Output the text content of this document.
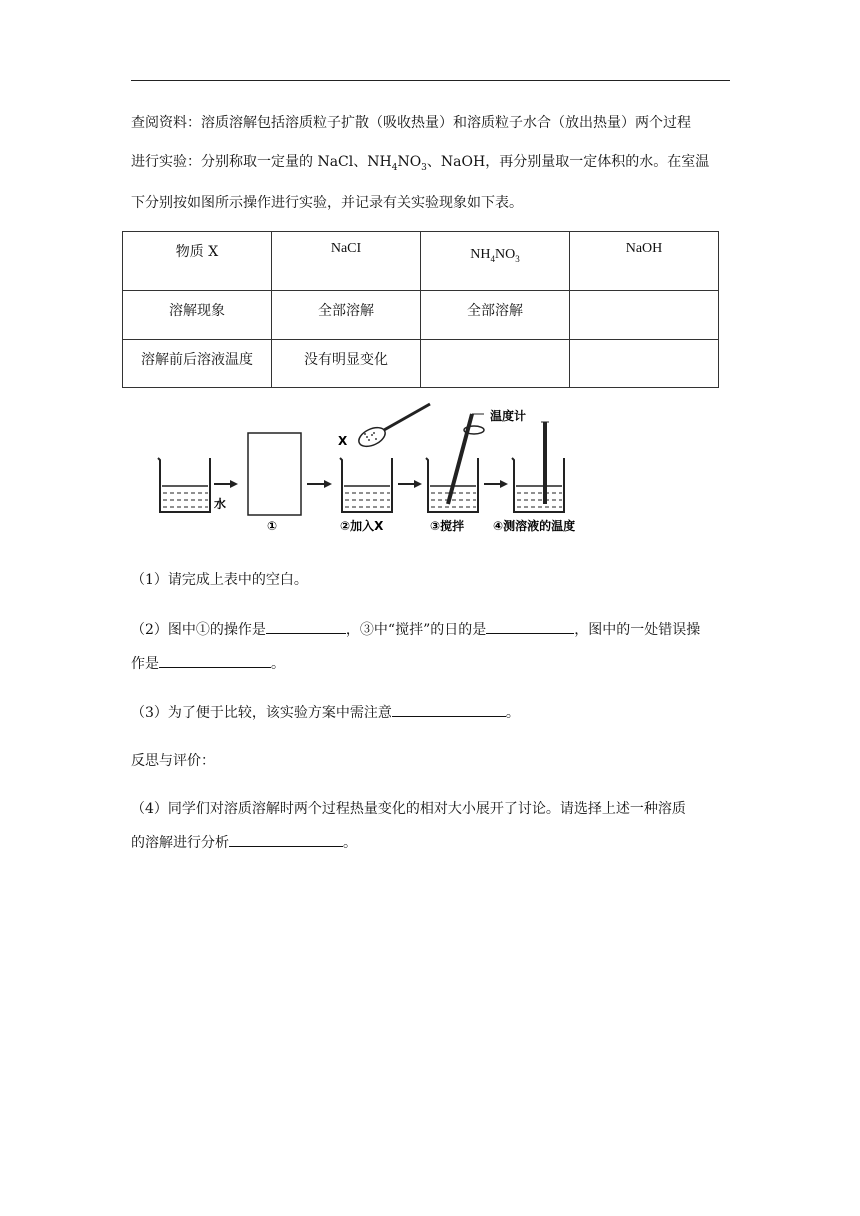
查阅资料：溶质溶解包括溶质粒子扩散（吸收热量）和溶质粒子水合（放出热量）两个过程
进行实验：分别称取一定量的 NaCl、$NH_4NO_3$、NaOH，再分别量取一定体积的水。在室温
下分别按如图所示操作进行实验，并记录有关实验现象如下表。
物质 X	NaCI	$NH_4NO_3$	NaOH
溶解现象	全部溶解	全部溶解	
溶解前后溶液温度	没有明显变化		
水
X
温度计
①	②加入X	③搅拌 ④测溶液的温度
（1）请完成上表中的空白。
（2）图中①的操作是	，③中“搅拌”的日的是	，图中的一处错误操
作是	。
（3）为了便于比较，该实验方案中需注意	。
反思与评价：
（4）同学们对溶质溶解时两个过程热量变化的相对大小展开了讨论。请选择上述一种溶质
的溶解进行分析	。
